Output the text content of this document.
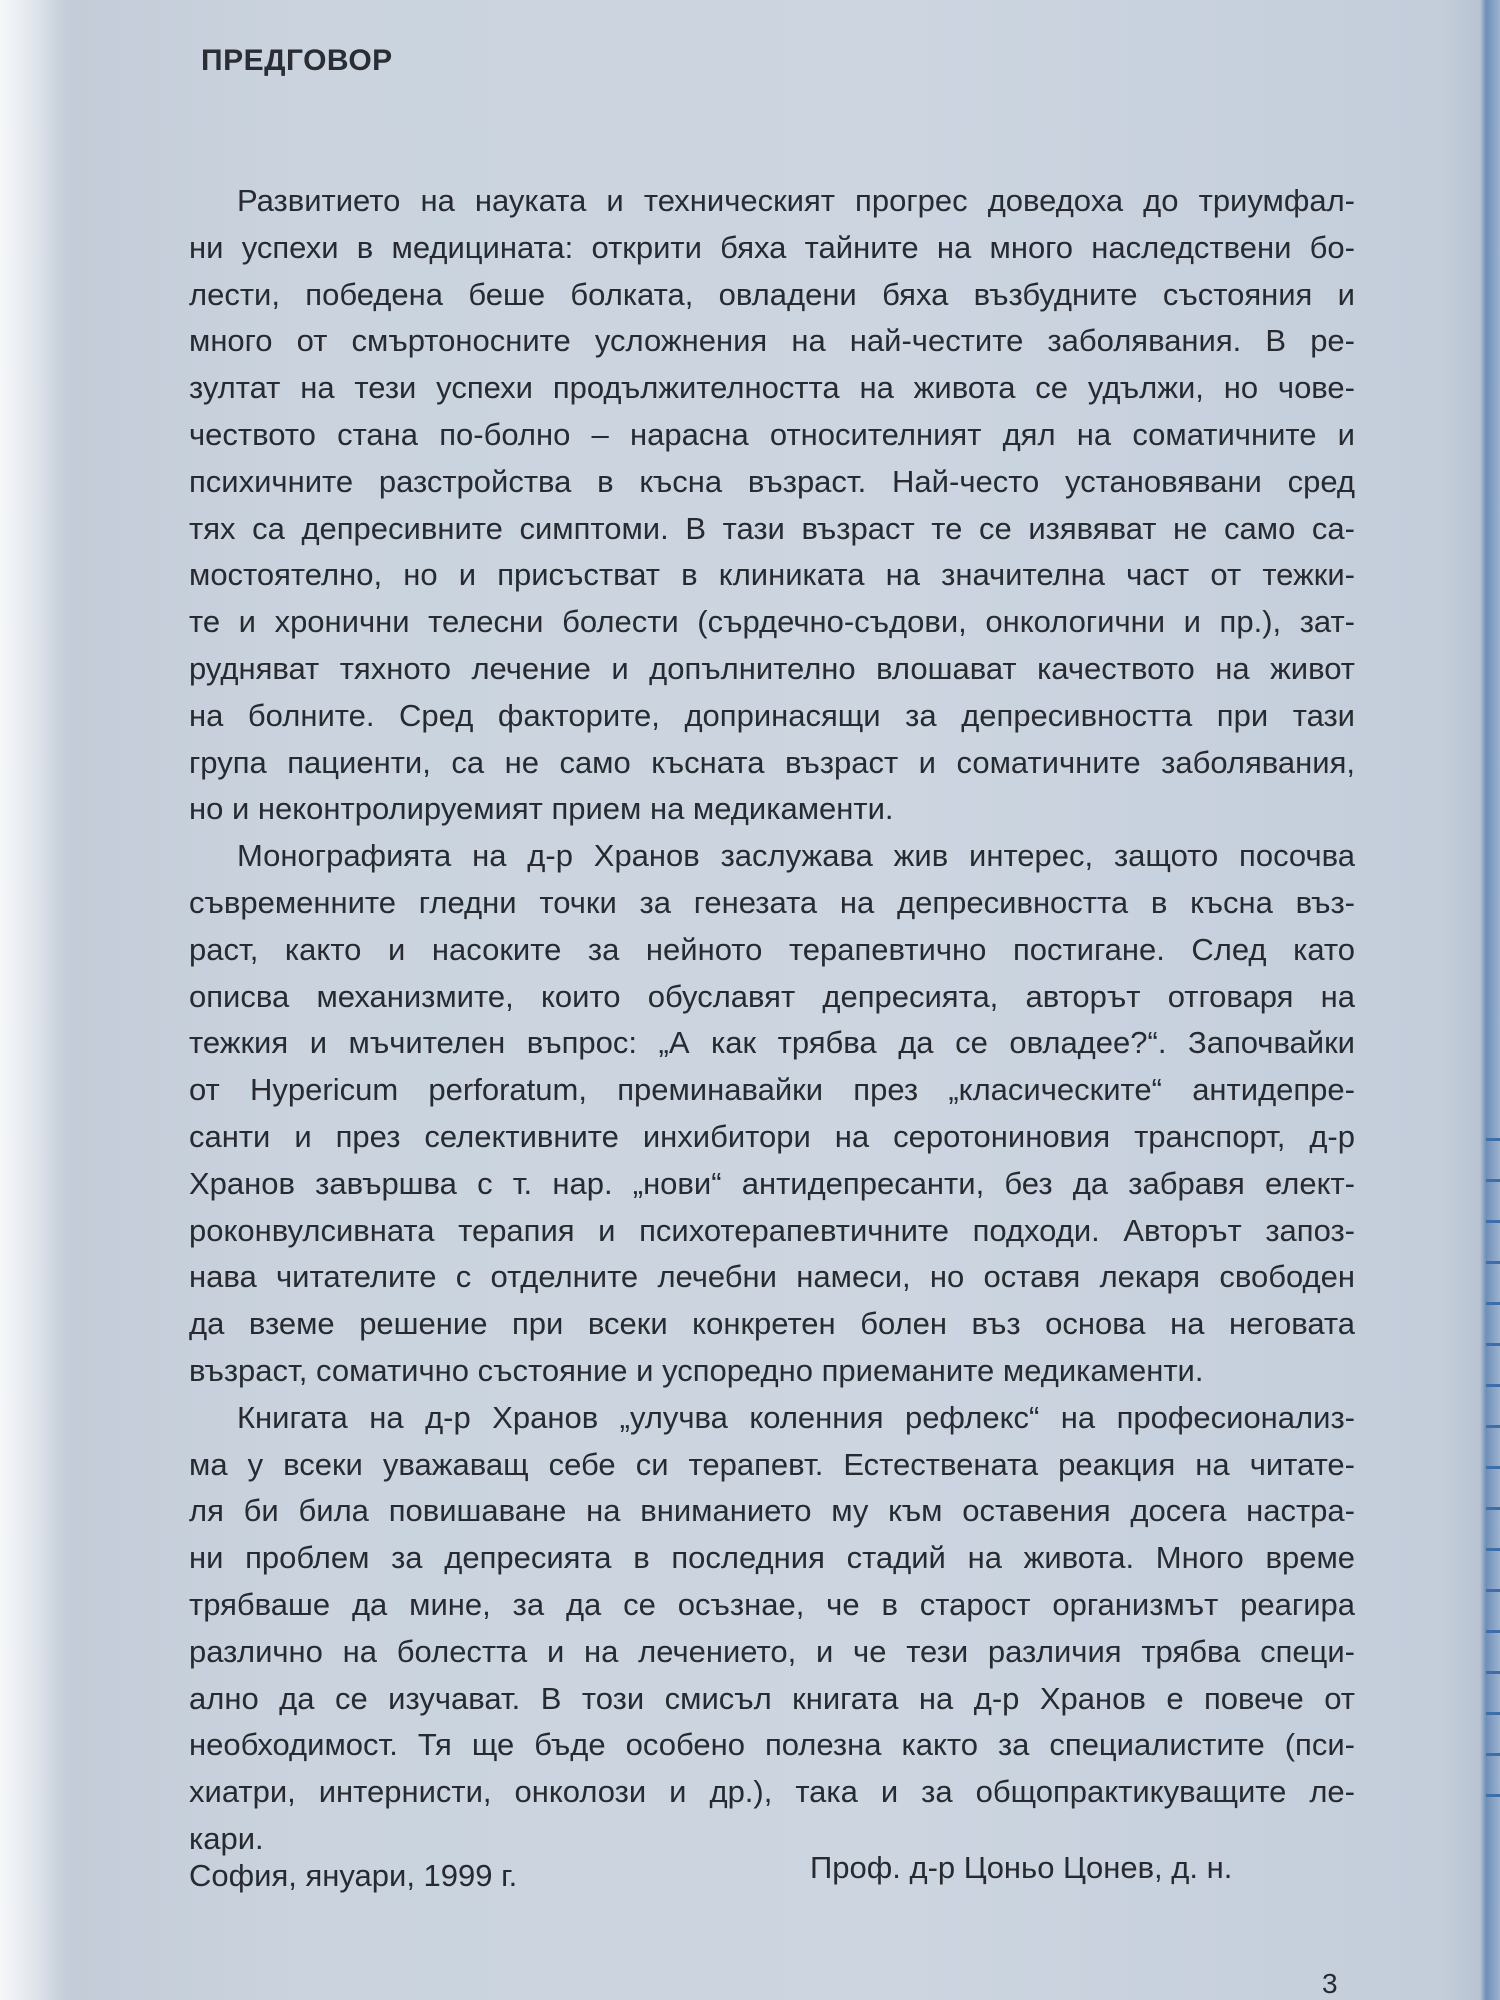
ПРЕДГОВОР
Развитието на науката и техническият прогрес доведоха до триумфал-
ни успехи в медицината: открити бяха тайните на много наследствени бо-
лести, победена беше болката, овладени бяха възбудните състояния и
много от смъртоносните усложнения на най-честите заболявания. В ре-
зултат на тези успехи продължителността на живота се удължи, но чове-
чеството стана по-болно – нарасна относителният дял на соматичните и
психичните разстройства в късна възраст. Най-често установявани сред
тях са депресивните симптоми. В тази възраст те се изявяват не само са-
мостоятелно, но и присъстват в клиниката на значителна част от тежки-
те и хронични телесни болести (сърдечно-съдови, онкологични и пр.), зат-
рудняват тяхното лечение и допълнително влошават качеството на живот
на болните. Сред факторите, допринасящи за депресивността при тази
група пациенти, са не само късната възраст и соматичните заболявания,
но и неконтролируемият прием на медикаменти.
Монографията на д-р Хранов заслужава жив интерес, защото посочва
съвременните гледни точки за генезата на депресивността в късна въз-
раст, както и насоките за нейното терапевтично постигане. След като
описва механизмите, които обуславят депресията, авторът отговаря на
тежкия и мъчителен въпрос: „А как трябва да се овладее?“. Започвайки
от Hypericum perforatum, преминавайки през „класическите“ антидепре-
санти и през селективните инхибитори на серотониновия транспорт, д-р
Хранов завършва с т. нар. „нови“ антидепресанти, без да забравя елект-
роконвулсивната терапия и психотерапевтичните подходи. Авторът запоз-
нава читателите с отделните лечебни намеси, но оставя лекаря свободен
да вземе решение при всеки конкретен болен въз основа на неговата
възраст, соматично състояние и успоредно приеманите медикаменти.
Книгата на д-р Хранов „улучва коленния рефлекс“ на професионализ-
ма у всеки уважаващ себе си терапевт. Естествената реакция на читате-
ля би била повишаване на вниманието му към оставения досега настра-
ни проблем за депресията в последния стадий на живота. Много време
трябваше да мине, за да се осъзнае, че в старост организмът реагира
различно на болестта и на лечението, и че тези различия трябва специ-
ално да се изучават. В този смисъл книгата на д-р Хранов е повече от
необходимост. Тя ще бъде особено полезна както за специалистите (пси-
хиатри, интернисти, онколози и др.), така и за общопрактикуващите ле-
кари.
София, януари, 1999 г.	Проф. д-р Цоньо Цонев, д. н.
3
